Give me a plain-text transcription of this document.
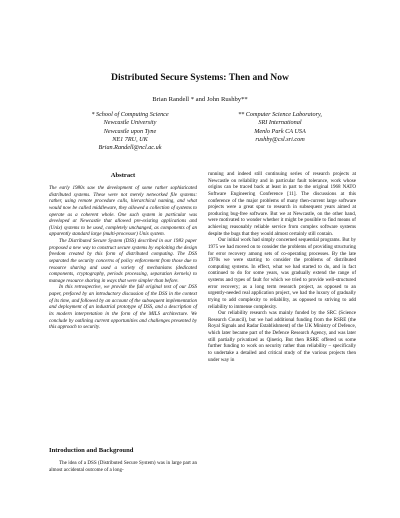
Distributed Secure Systems: Then and Now
Brian Randell * and John Rushby**
* School of Computing Science
Newcastle University
Newcastle upon Tyne
NE1 7RU, UK
Brian.Randell@ncl.ac.uk
** Computer Science Laboratory,
SRI International
Menlo Park CA USA
rushby@csl.sri.com
Abstract

The early 1980s saw the development of some rather sophisticated distributed systems. These were not merely networked file systems: rather, using remote procedure calls, hierarchical naming, and what would now be called middleware, they allowed a collection of systems to operate as a coherent whole. One such system in particular was developed at Newcastle that allowed pre-existing applications and (Unix) systems to be used, completely unchanged, as components of an apparently standard large (multi-processor) Unix system.

The Distributed Secure System (DSS) described in our 1983 paper proposed a new way to construct secure systems by exploiting the design freedom created by this form of distributed computing. The DSS separated the security concerns of policy enforcement from those due to resource sharing and used a variety of mechanisms (dedicated components, cryptography, periods processing, separation kernels) to manage resource sharing in ways that were simpler than before.

In this retrospective, we provide the full original text of our DSS paper, prefaced by an introductory discussion of the DSS in the context of its time, and followed by an account of the subsequent implementation and deployment of an industrial prototype of DSS, and a description of its modern interpretation in the form of the MILS architecture. We conclude by outlining current opportunities and challenges presented by this approach to security.

Introduction and Background

The idea of a DSS (Distributed Secure System) was in large part an almost accidental outcome of a long-

running and indeed still continuing series of research projects at Newcastle on reliability and in particular fault tolerance, work whose origins can be traced back at least in part to the original 1968 NATO Software Engineering Conference [11]. The discussions at this conference of the major problems of many then-current large software projects were a great spur to research in subsequent years aimed at producing bug-free software. But we at Newcastle, on the other hand, were motivated to wonder whether it might be possible to find means of achieving reasonably reliable service from complex software systems despite the bugs that they would almost certainly still contain.

Our initial work had simply concerned sequential programs. But by 1975 we had moved on to consider the problems of providing structuring for error recovery among sets of co-operating processes. By the late 1970s we were starting to consider the problems of distributed computing systems. In effect, what we had started to do, and in fact continued to do for some years, was gradually extend the range of systems and types of fault for which we tried to provide well-structured error recovery; as a long term research project, as opposed to an urgently-needed real application project, we had the luxury of gradually trying to add complexity to reliability, as opposed to striving to add reliability to immense complexity.

Our reliability research was mainly funded by the SRC (Science Research Council), but we had additional funding from the RSRE (the Royal Signals and Radar Establishment) of the UK Ministry of Defence, which later became part of the Defence Research Agency, and was later still partially privatized as Qinetiq. But then RSRE offered us some further funding to work on security rather than reliability – specifically to undertake a detailed and critical study of the various projects then under way in
